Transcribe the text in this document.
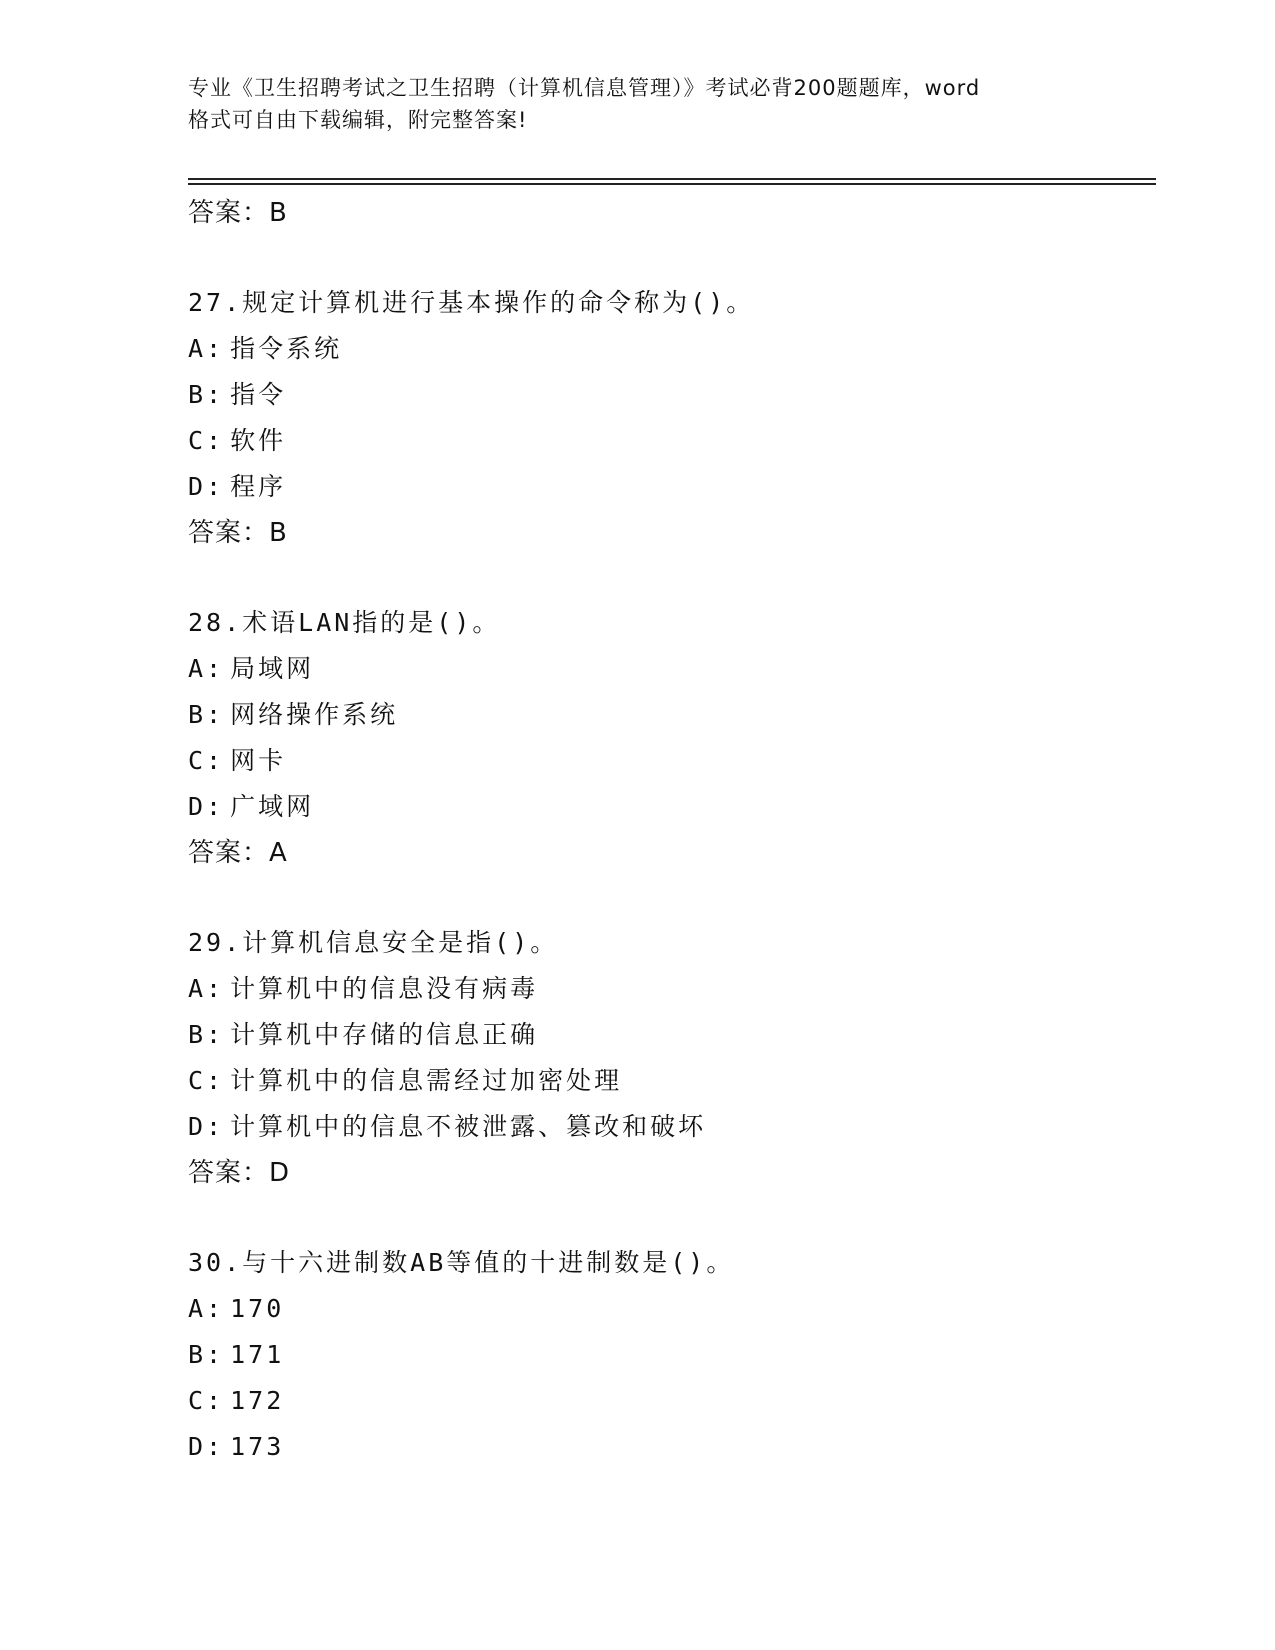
专业《卫生招聘考试之卫生招聘（计算机信息管理）》考试必背200题题库，word
格式可自由下载编辑，附完整答案!
答案：B
27.规定计算机进行基本操作的命令称为()。
A: 指令系统
B: 指令
C: 软件
D: 程序
答案：B
28.术语LAN指的是()。
A: 局域网
B: 网络操作系统
C: 网卡
D: 广域网
答案：A
29.计算机信息安全是指()。
A: 计算机中的信息没有病毒
B: 计算机中存储的信息正确
C: 计算机中的信息需经过加密处理
D: 计算机中的信息不被泄露、篡改和破坏
答案：D
30.与十六进制数AB等值的十进制数是()。
A: 170
B: 171
C: 172
D: 173
